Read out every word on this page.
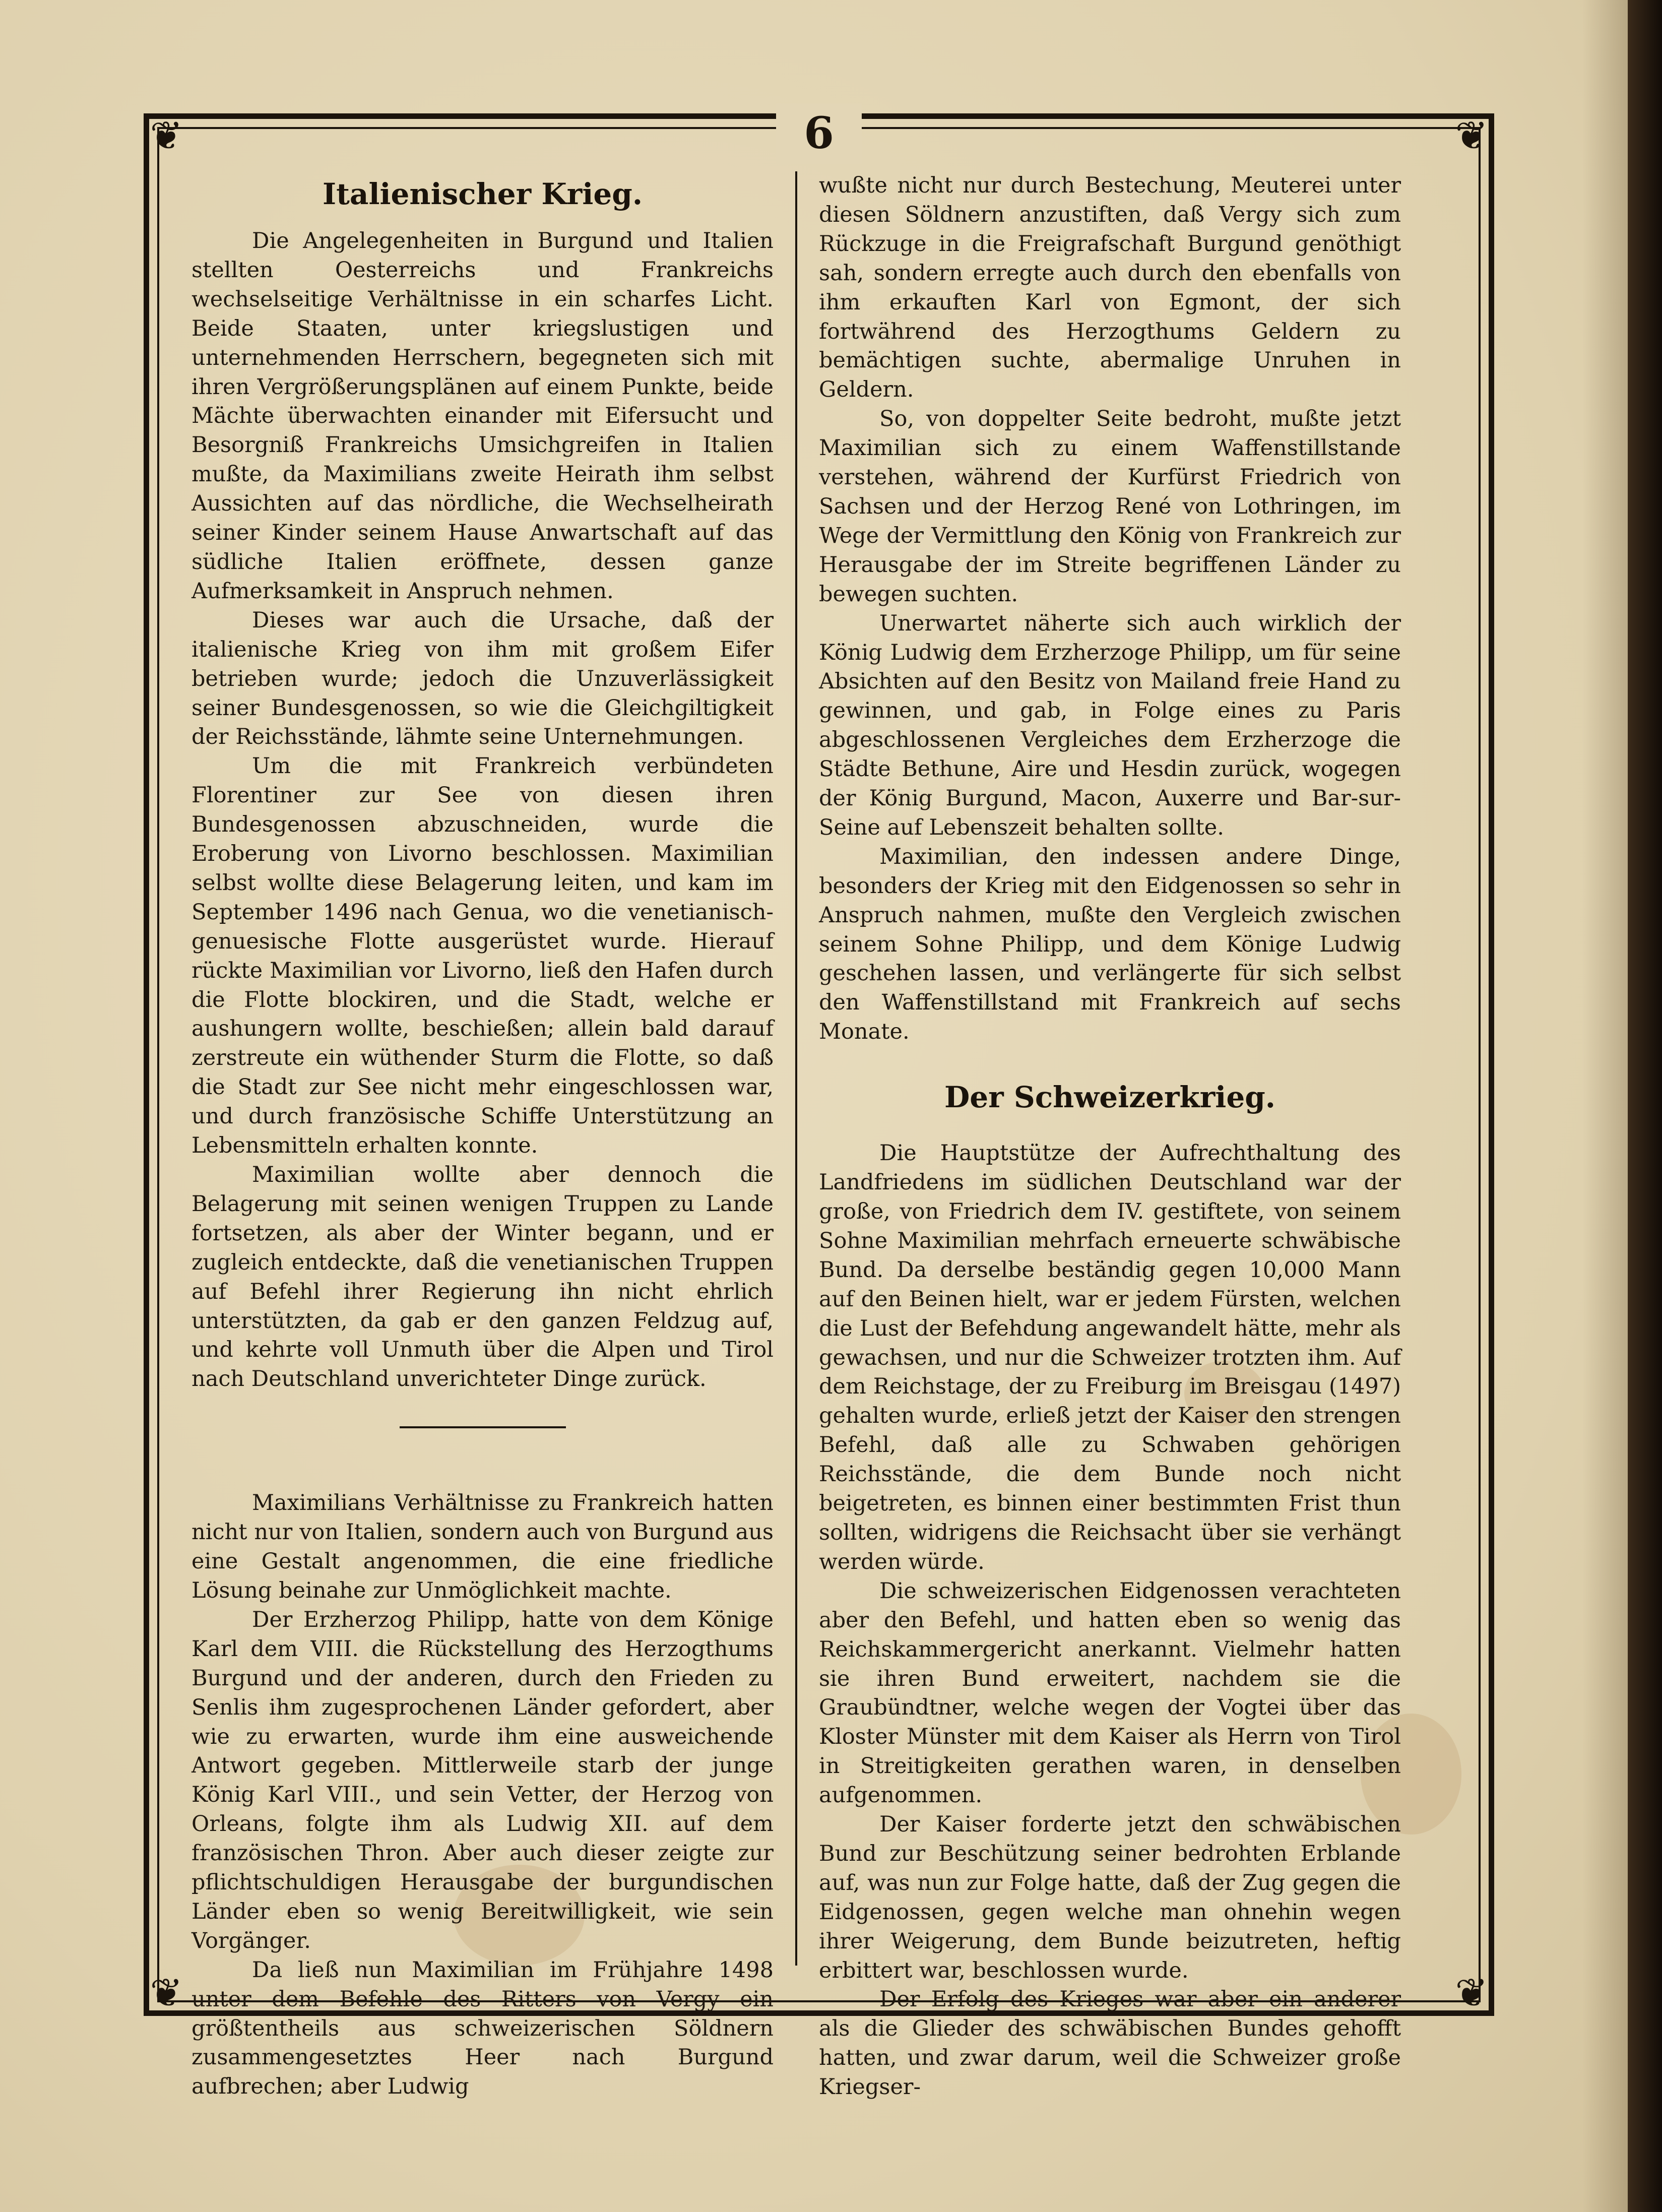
❦	❦
❦	❦
6
Italienischer Krieg.

Die Angelegenheiten in Burgund und Italien stellten Oesterreichs und Frankreichs wechselseitige Verhältnisse in ein scharfes Licht. Beide Staaten, unter kriegslustigen und unternehmenden Herrschern, begegneten sich mit ihren Vergrößerungsplänen auf einem Punkte, beide Mächte überwachten einander mit Eifersucht und Besorgniß Frankreichs Umsichgreifen in Italien mußte, da Maximilians zweite Heirath ihm selbst Aussichten auf das nördliche, die Wechselheirath seiner Kinder seinem Hause Anwartschaft auf das südliche Italien eröffnete, dessen ganze Aufmerksamkeit in Anspruch nehmen.

Dieses war auch die Ursache, daß der italienische Krieg von ihm mit großem Eifer betrieben wurde; jedoch die Unzuverlässigkeit seiner Bundesgenossen, so wie die Gleichgiltigkeit der Reichsstände, lähmte seine Unternehmungen.

Um die mit Frankreich verbündeten Florentiner zur See von diesen ihren Bundesgenossen abzuschneiden, wurde die Eroberung von Livorno beschlossen. Maximilian selbst wollte diese Belagerung leiten, und kam im September 1496 nach Genua, wo die venetianisch-genuesische Flotte ausgerüstet wurde. Hierauf rückte Maximilian vor Livorno, ließ den Hafen durch die Flotte blockiren, und die Stadt, welche er aushungern wollte, beschießen; allein bald darauf zerstreute ein wüthender Sturm die Flotte, so daß die Stadt zur See nicht mehr eingeschlossen war, und durch französische Schiffe Unterstützung an Lebensmitteln erhalten konnte.

Maximilian wollte aber dennoch die Belagerung mit seinen wenigen Truppen zu Lande fortsetzen, als aber der Winter begann, und er zugleich entdeckte, daß die venetianischen Truppen auf Befehl ihrer Regierung ihn nicht ehrlich unterstützten, da gab er den ganzen Feldzug auf, und kehrte voll Unmuth über die Alpen und Tirol nach Deutschland unverichteter Dinge zurück.

Maximilians Verhältnisse zu Frankreich hatten nicht nur von Italien, sondern auch von Burgund aus eine Gestalt angenommen, die eine friedliche Lösung beinahe zur Unmöglichkeit machte.

Der Erzherzog Philipp, hatte von dem Könige Karl dem VIII. die Rückstellung des Herzogthums Burgund und der anderen, durch den Frieden zu Senlis ihm zugesprochenen Länder gefordert, aber wie zu erwarten, wurde ihm eine ausweichende Antwort gegeben. Mittlerweile starb der junge König Karl VIII., und sein Vetter, der Herzog von Orleans, folgte ihm als Ludwig XII. auf dem französischen Thron. Aber auch dieser zeigte zur pflichtschuldigen Herausgabe der burgundischen Länder eben so wenig Bereitwilligkeit, wie sein Vorgänger.

Da ließ nun Maximilian im Frühjahre 1498 unter dem Befehle des Ritters von Vergy ein größtentheils aus schweizerischen Söldnern zusammengesetztes Heer nach Burgund aufbrechen; aber Ludwig

wußte nicht nur durch Bestechung, Meuterei unter diesen Söldnern anzustiften, daß Vergy sich zum Rückzuge in die Freigrafschaft Burgund genöthigt sah, sondern erregte auch durch den ebenfalls von ihm erkauften Karl von Egmont, der sich fortwährend des Herzogthums Geldern zu bemächtigen suchte, abermalige Unruhen in Geldern.

So, von doppelter Seite bedroht, mußte jetzt Maximilian sich zu einem Waffenstillstande verstehen, während der Kurfürst Friedrich von Sachsen und der Herzog René von Lothringen, im Wege der Vermittlung den König von Frankreich zur Herausgabe der im Streite begriffenen Länder zu bewegen suchten.

Unerwartet näherte sich auch wirklich der König Ludwig dem Erzherzoge Philipp, um für seine Absichten auf den Besitz von Mailand freie Hand zu gewinnen, und gab, in Folge eines zu Paris abgeschlossenen Vergleiches dem Erzherzoge die Städte Bethune, Aire und Hesdin zurück, wogegen der König Burgund, Macon, Auxerre und Bar-sur-Seine auf Lebenszeit behalten sollte.

Maximilian, den indessen andere Dinge, besonders der Krieg mit den Eidgenossen so sehr in Anspruch nahmen, mußte den Vergleich zwischen seinem Sohne Philipp, und dem Könige Ludwig geschehen lassen, und verlängerte für sich selbst den Waffenstillstand mit Frankreich auf sechs Monate.

Der Schweizerkrieg.

Die Hauptstütze der Aufrechthaltung des Landfriedens im südlichen Deutschland war der große, von Friedrich dem IV. gestiftete, von seinem Sohne Maximilian mehrfach erneuerte schwäbische Bund. Da derselbe beständig gegen 10,000 Mann auf den Beinen hielt, war er jedem Fürsten, welchen die Lust der Befehdung angewandelt hätte, mehr als gewachsen, und nur die Schweizer trotzten ihm. Auf dem Reichstage, der zu Freiburg im Breisgau (1497) gehalten wurde, erließ jetzt der Kaiser den strengen Befehl, daß alle zu Schwaben gehörigen Reichsstände, die dem Bunde noch nicht beigetreten, es binnen einer bestimmten Frist thun sollten, widrigens die Reichsacht über sie verhängt werden würde.

Die schweizerischen Eidgenossen verachteten aber den Befehl, und hatten eben so wenig das Reichskammergericht anerkannt. Vielmehr hatten sie ihren Bund erweitert, nachdem sie die Graubündtner, welche wegen der Vogtei über das Kloster Münster mit dem Kaiser als Herrn von Tirol in Streitigkeiten gerathen waren, in denselben aufgenommen.

Der Kaiser forderte jetzt den schwäbischen Bund zur Beschützung seiner bedrohten Erblande auf, was nun zur Folge hatte, daß der Zug gegen die Eidgenossen, gegen welche man ohnehin wegen ihrer Weigerung, dem Bunde beizutreten, heftig erbittert war, beschlossen wurde.

Der Erfolg des Krieges war aber ein anderer als die Glieder des schwäbischen Bundes gehofft hatten, und zwar darum, weil die Schweizer große Kriegser-
